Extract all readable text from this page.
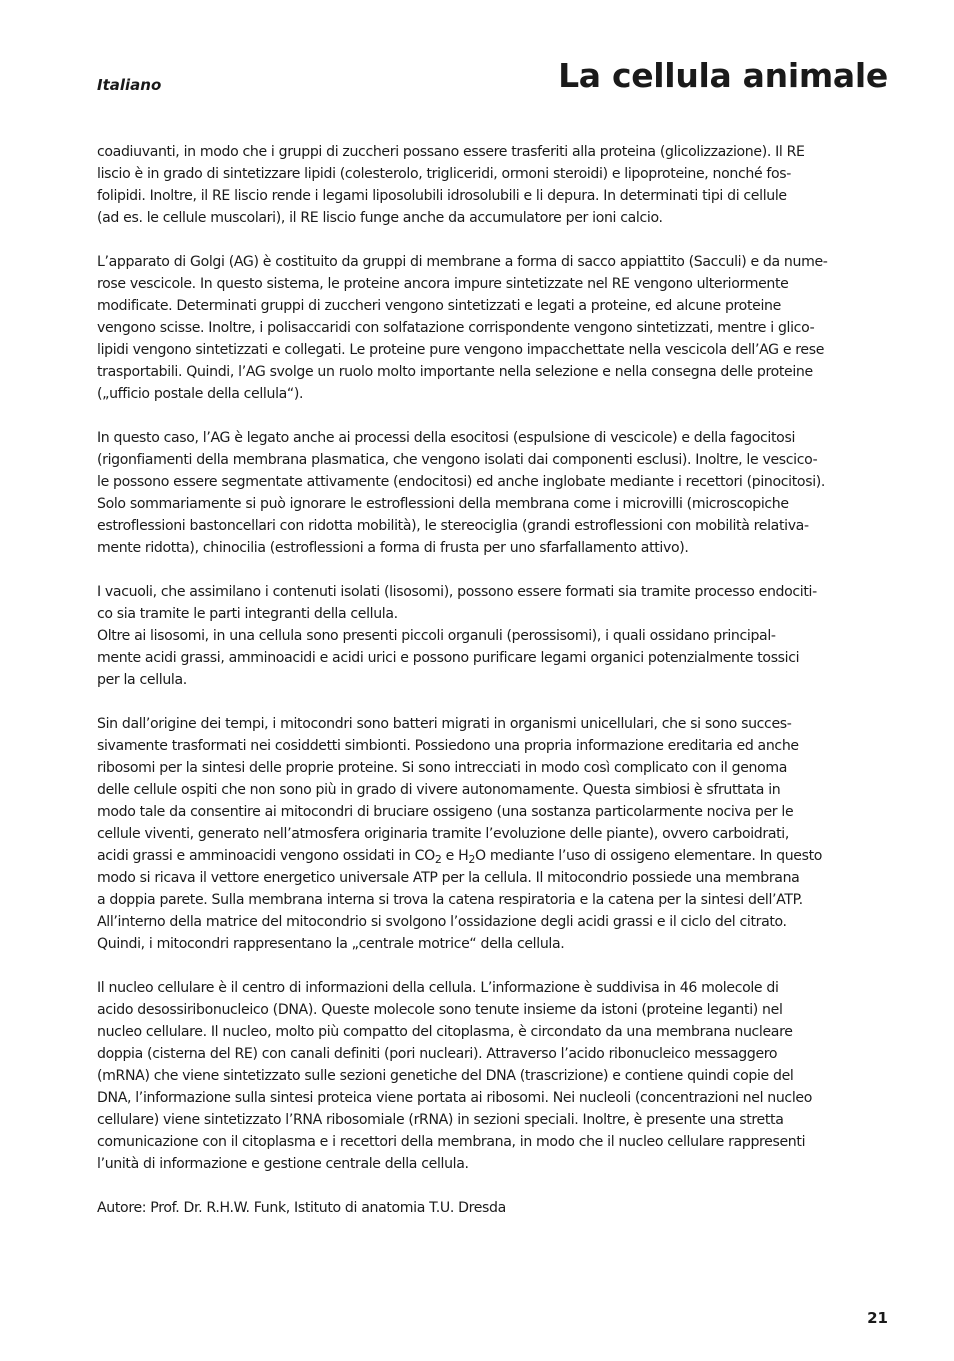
Italiano	La cellula animale
coadiuvanti, in modo che i gruppi di zuccheri possano essere trasferiti alla proteina (glicolizzazione). Il RE
liscio è in grado di sintetizzare lipidi (colesterolo, trigliceridi, ormoni steroidi) e lipoproteine, nonché fos-
folipidi. Inoltre, il RE liscio rende i legami liposolubili idrosolubili e li depura. In determinati tipi di cellule
(ad es. le cellule muscolari), il RE liscio funge anche da accumulatore per ioni calcio.
L’apparato di Golgi (AG) è costituito da gruppi di membrane a forma di sacco appiattito (Sacculi) e da nume-
rose vescicole. In questo sistema, le proteine ancora impure sintetizzate nel RE vengono ulteriormente
modificate. Determinati gruppi di zuccheri vengono sintetizzati e legati a proteine, ed alcune proteine
vengono scisse. Inoltre, i polisaccaridi con solfatazione corrispondente vengono sintetizzati, mentre i glico-
lipidi vengono sintetizzati e collegati. Le proteine pure vengono impacchettate nella vescicola dell’AG e rese
trasportabili. Quindi, l’AG svolge un ruolo molto importante nella selezione e nella consegna delle proteine
(„ufficio postale della cellula“).
In questo caso, l’AG è legato anche ai processi della esocitosi (espulsione di vescicole) e della fagocitosi
(rigonfiamenti della membrana plasmatica, che vengono isolati dai componenti esclusi). Inoltre, le vescico-
le possono essere segmentate attivamente (endocitosi) ed anche inglobate mediante i recettori (pinocitosi).
Solo sommariamente si può ignorare le estroflessioni della membrana come i microvilli (microscopiche
estroflessioni bastoncellari con ridotta mobilità), le stereociglia (grandi estroflessioni con mobilità relativa-
mente ridotta), chinocilia (estroflessioni a forma di frusta per uno sfarfallamento attivo).
I vacuoli, che assimilano i contenuti isolati (lisosomi), possono essere formati sia tramite processo endociti-
co sia tramite le parti integranti della cellula.
Oltre ai lisosomi, in una cellula sono presenti piccoli organuli (perossisomi), i quali ossidano principal-
mente acidi grassi, amminoacidi e acidi urici e possono purificare legami organici potenzialmente tossici
per la cellula.
Sin dall’origine dei tempi, i mitocondri sono batteri migrati in organismi unicellulari, che si sono succes-
sivamente trasformati nei cosiddetti simbionti. Possiedono una propria informazione ereditaria ed anche
ribosomi per la sintesi delle proprie proteine. Si sono intrecciati in modo così complicato con il genoma
delle cellule ospiti che non sono più in grado di vivere autonomamente. Questa simbiosi è sfruttata in
modo tale da consentire ai mitocondri di bruciare ossigeno (una sostanza particolarmente nociva per le
cellule viventi, generato nell’atmosfera originaria tramite l’evoluzione delle piante), ovvero carboidrati,
acidi grassi e amminoacidi vengono ossidati in $CO_2$ e $H_2O$ mediante l’uso di ossigeno elementare. In questo
modo si ricava il vettore energetico universale ATP per la cellula. Il mitocondrio possiede una membrana
a doppia parete. Sulla membrana interna si trova la catena respiratoria e la catena per la sintesi dell’ATP.
All’interno della matrice del mitocondrio si svolgono l’ossidazione degli acidi grassi e il ciclo del citrato.
Quindi, i mitocondri rappresentano la „centrale motrice“ della cellula.
Il nucleo cellulare è il centro di informazioni della cellula. L’informazione è suddivisa in 46 molecole di
acido desossiribonucleico (DNA). Queste molecole sono tenute insieme da istoni (proteine leganti) nel
nucleo cellulare. Il nucleo, molto più compatto del citoplasma, è circondato da una membrana nucleare
doppia (cisterna del RE) con canali definiti (pori nucleari). Attraverso l’acido ribonucleico messaggero
(mRNA) che viene sintetizzato sulle sezioni genetiche del DNA (trascrizione) e contiene quindi copie del
DNA, l’informazione sulla sintesi proteica viene portata ai ribosomi. Nei nucleoli (concentrazioni nel nucleo
cellulare) viene sintetizzato l’RNA ribosomiale (rRNA) in sezioni speciali. Inoltre, è presente una stretta
comunicazione con il citoplasma e i recettori della membrana, in modo che il nucleo cellulare rappresenti
l’unità di informazione e gestione centrale della cellula.
Autore: Prof. Dr. R.H.W. Funk, Istituto di anatomia T.U. Dresda
21
